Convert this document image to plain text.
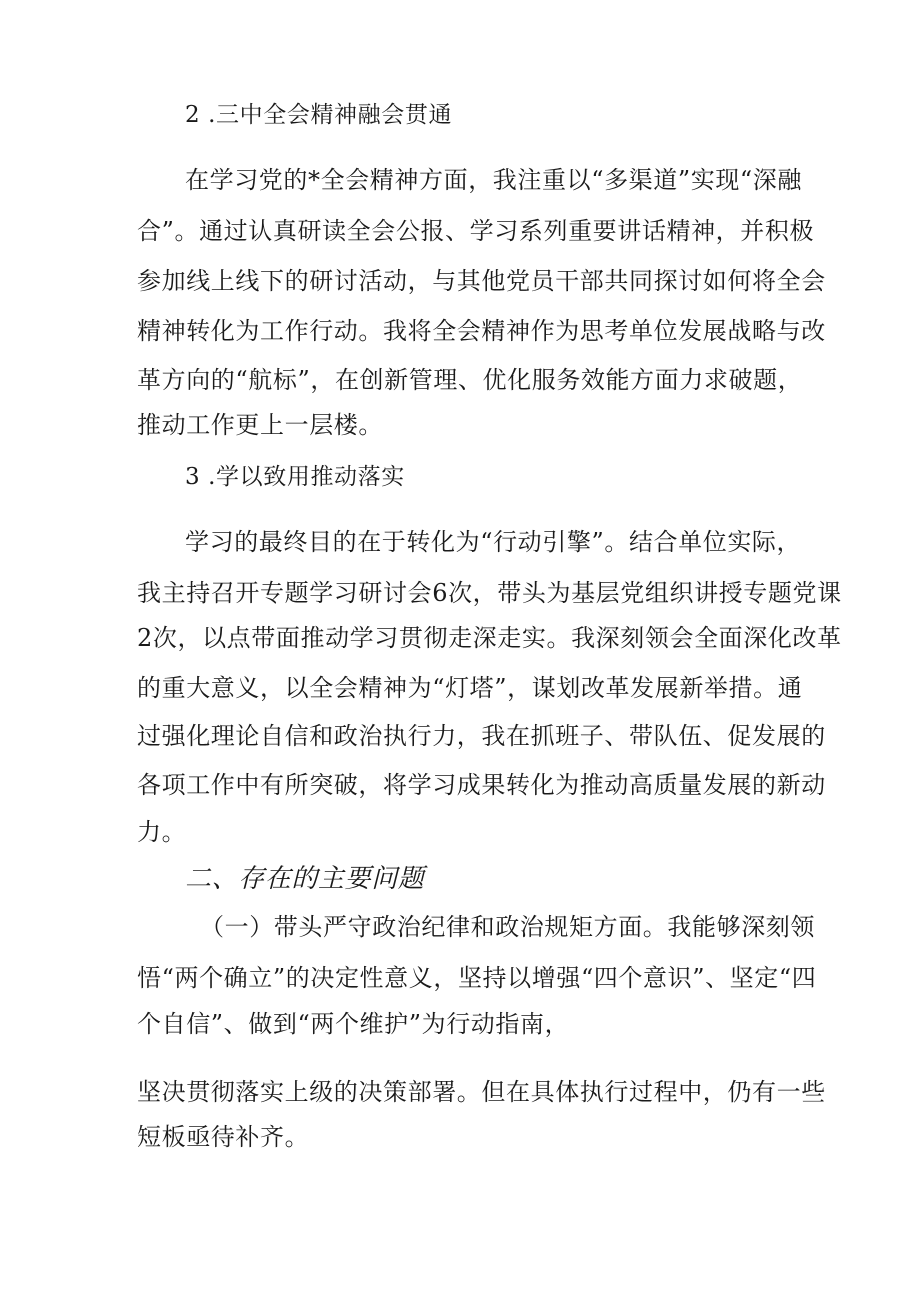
2 .三中全会精神融会贯通
在学习党的*全会精神方面，我注重以“多渠道”实现“深融
合”。通过认真研读全会公报、学习系列重要讲话精神，并积极
参加线上线下的研讨活动，与其他党员干部共同探讨如何将全会
精神转化为工作行动。我将全会精神作为思考单位发展战略与改
革方向的“航标”，在创新管理、优化服务效能方面力求破题，
推动工作更上一层楼。
3 .学以致用推动落实
学习的最终目的在于转化为“行动引擎”。结合单位实际，
我主持召开专题学习研讨会6次，带头为基层党组织讲授专题党课
2次，以点带面推动学习贯彻走深走实。我深刻领会全面深化改革
的重大意义，以全会精神为“灯塔”，谋划改革发展新举措。通
过强化理论自信和政治执行力，我在抓班子、带队伍、促发展的
各项工作中有所突破，将学习成果转化为推动高质量发展的新动
力。
二、存在的主要问题
（一）带头严守政治纪律和政治规矩方面。我能够深刻领
悟“两个确立”的决定性意义，坚持以增强“四个意识”、坚定“四
个自信”、做到“两个维护”为行动指南，
坚决贯彻落实上级的决策部署。但在具体执行过程中，仍有一些
短板亟待补齐。
